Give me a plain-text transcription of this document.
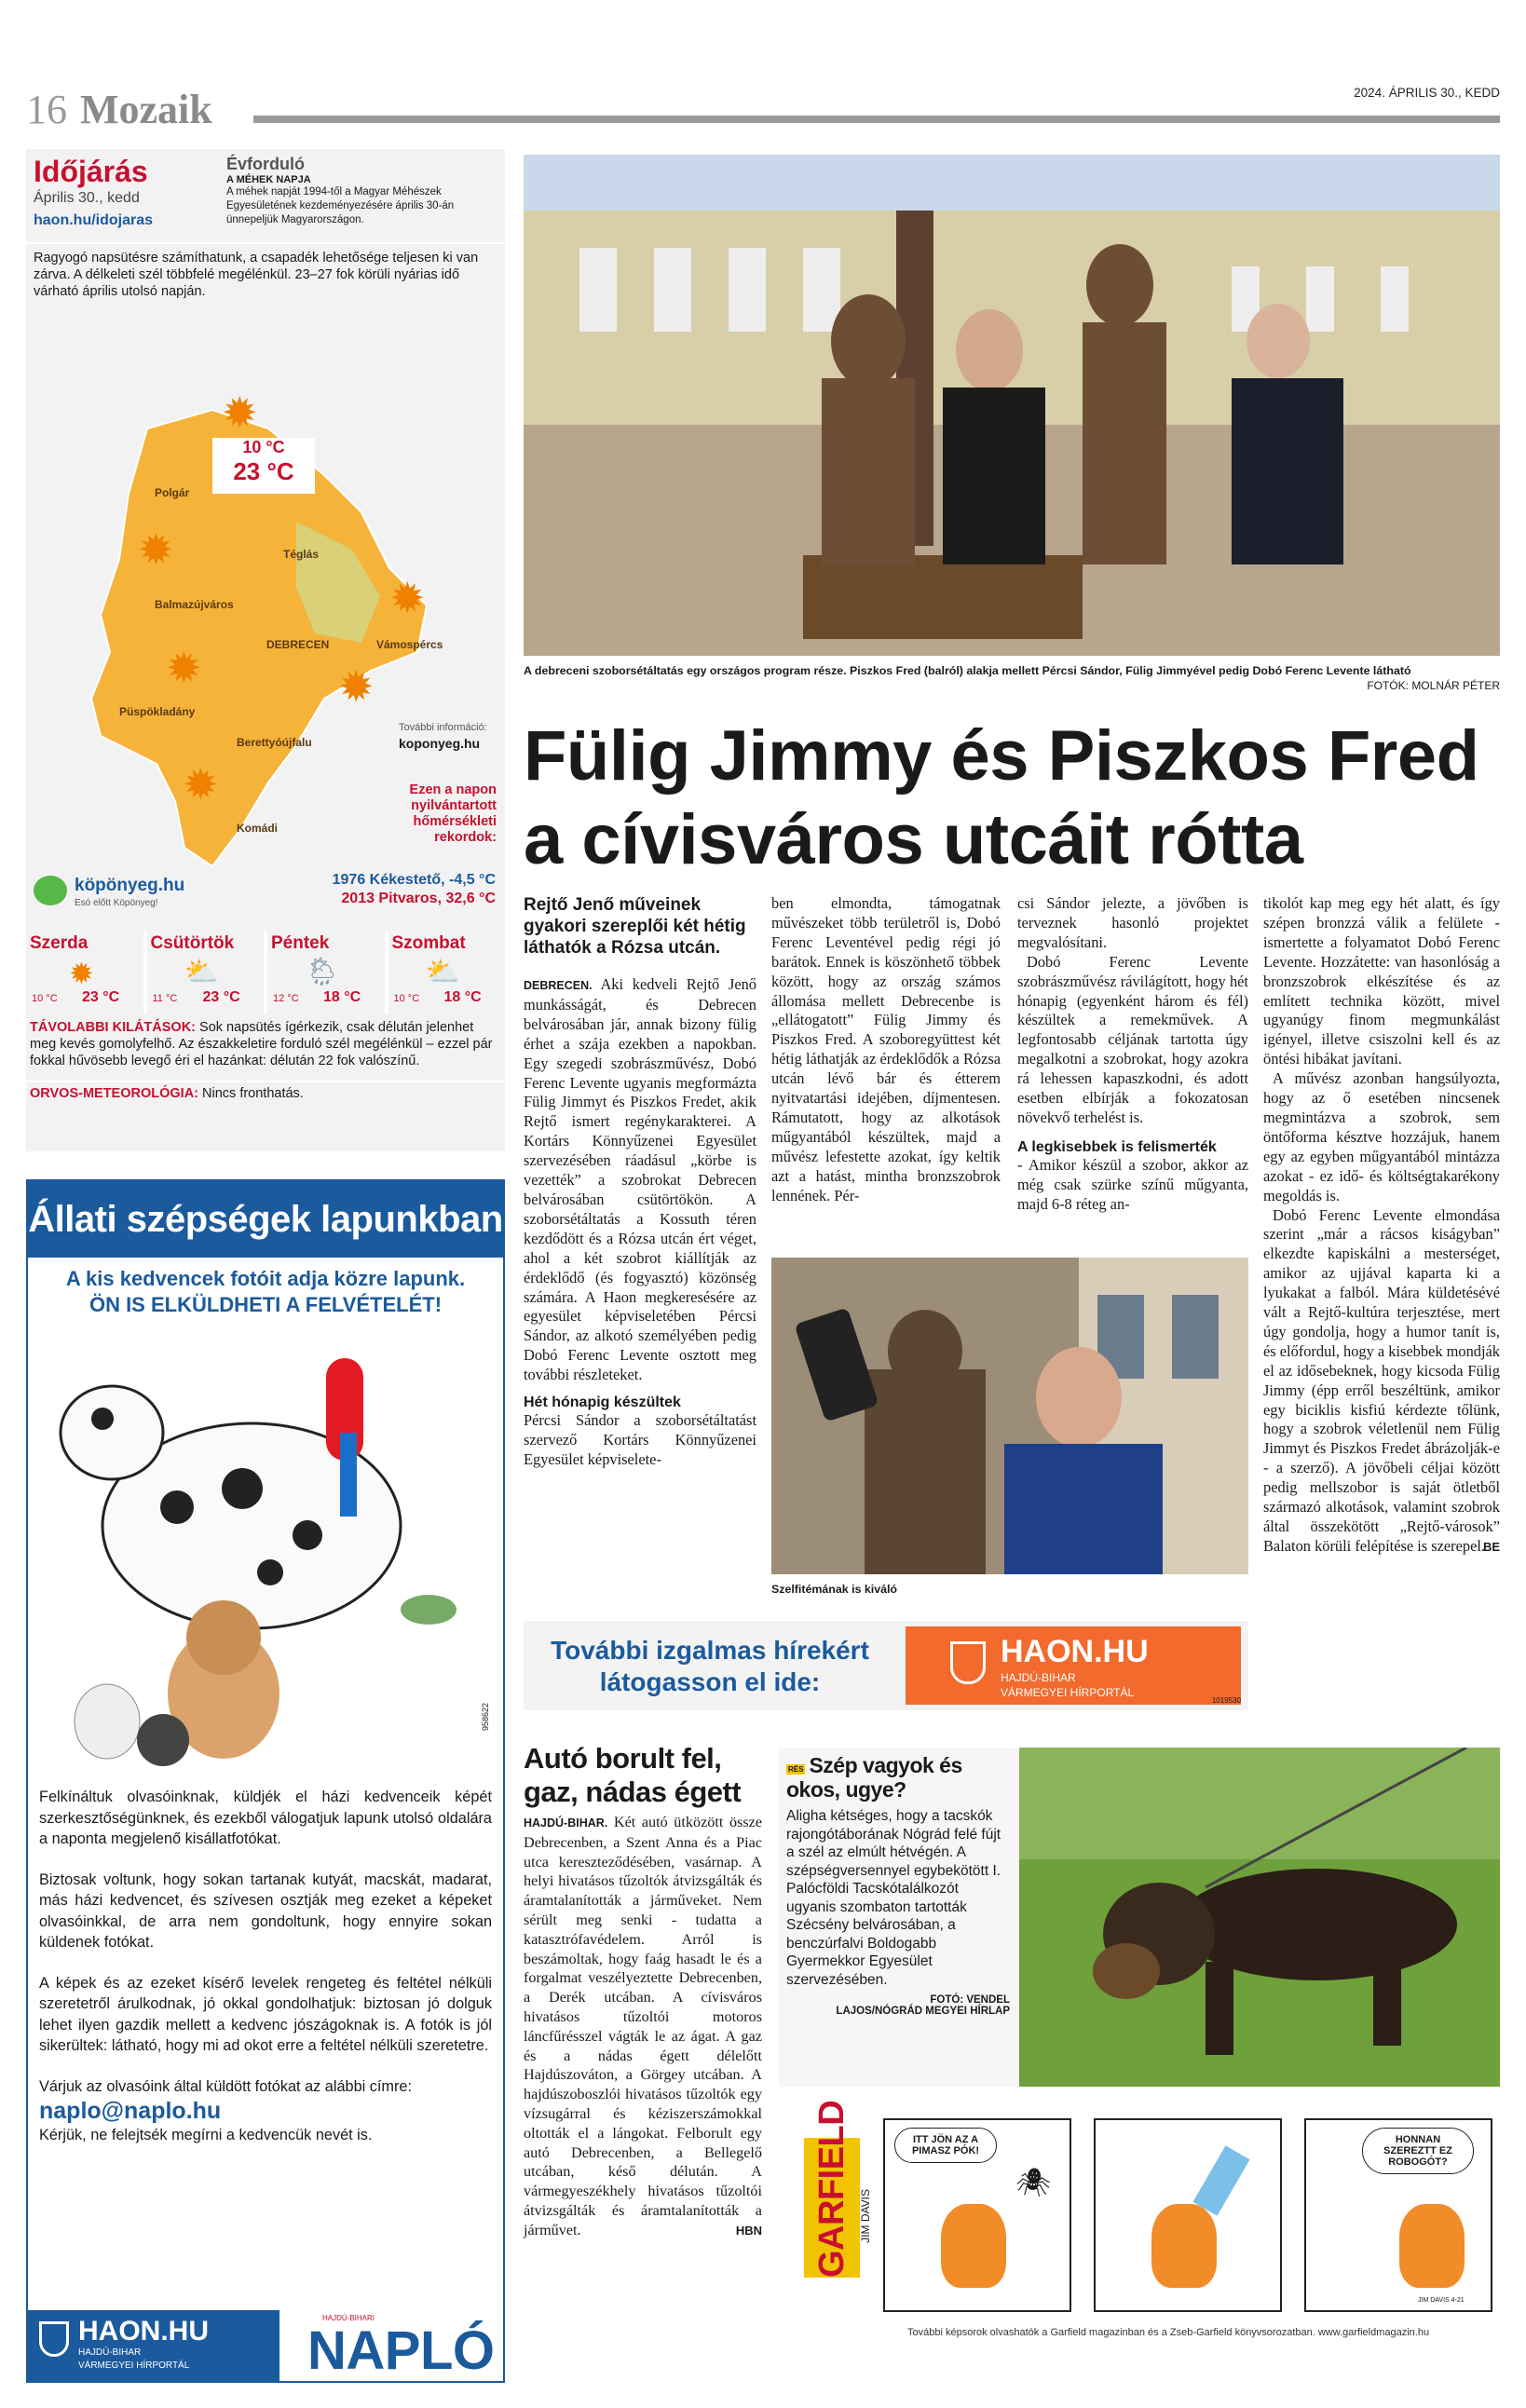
16 Mozaik	2024. ÁPRILIS 30., KEDD
Időjárás
Április 30., kedd
haon.hu/idojaras
Évforduló
A MÉHEK NAPJA
A méhek napját 1994-től a Magyar Méhészek Egyesületének kezdeményezésére április 30-án ünnepeljük Magyarországon.
Ragyogó napsütésre számíthatunk, a csapadék lehetősége teljesen ki van zárva. A délkeleti szél többfelé megélénkül. 23–27 fok körüli nyárias idő várható április utolsó napján.
10 °C
23 °C
Polgár
Téglás
Balmazújváros
DEBRECEN	Vámospércs
Püspökladány
Berettyóújfalu
Komádi
✹
✹
✹
✹	✹
✹
További információ:
koponyeg.hu
Ezen a napon nyilvántartott hőmérsékleti rekordok:
1976 Kékestető, -4,5 °C
2013 Pitvaros, 32,6 °C
köpönyeg.hu
Esó előtt Köpönyeg!
Szerda
✹
10 °C 23 °C
Csütörtök
⛅
11 °C 23 °C
Péntek
🌦
12 °C 18 °C
Szombat
⛅
10 °C 18 °C
TÁVOLABBI KILÁTÁSOK: Sok napsütés ígérkezik, csak délután jelenhet meg kevés gomolyfelhő. Az északkeletire forduló szél megélénkül – ezzel pár fokkal hűvösebb levegő éri el hazánkat: délután 22 fok valószínű.
ORVOS-METEOROLÓGIA: Nincs fronthatás.
Állati szépségek lapunkban
A kis kedvencek fotóit adja közre lapunk.
ÖN IS ELKÜLDHETI A FELVÉTELÉT!
958622

Felkínáltuk olvasóinknak, küldjék el házi kedvenceik képét szerkesztőségünknek, és ezekből válogatjuk lapunk utolsó oldalára a naponta megjelenő kisállatfotókat.

Biztosak voltunk, hogy sokan tartanak kutyát, macskát, madarat, más házi kedvencet, és szívesen osztják meg ezeket a képeket olvasóinkkal, de arra nem gondoltunk, hogy ennyire sokan küldenek fotókat.

A képek és az ezeket kísérő levelek rengeteg és feltétel nélküli szeretetről árulkodnak, jó okkal gondolhatjuk: biztosan jó dolguk lehet ilyen gazdik mellett a kedvenc jószágoknak is. A fotók is jól sikerültek: látható, hogy mi ad okot erre a feltétel nélküli szeretetre.

Várjuk az olvasóink által küldött fotókat az alábbi címre:

naplo@naplo.hu

Kérjük, ne felejtsék megírni a kedvencük nevét is.

HAON.HU
HAJDÚ-BIHAR
VÁRMEGYEI HÍRPORTÁL
HAJDÚ-BIHARI
NAPLÓ
A debreceni szoborsétáltatás egy országos program része. Piszkos Fred (balról) alakja mellett Pércsi Sándor, Fülig Jimmyével pedig Dobó Ferenc Levente látható
FOTÓK: MOLNÁR PÉTER
Fülig Jimmy és Piszkos Fred
a cívisváros utcáit rótta
Rejtő Jenő műveinek gyakori szereplői két hétig láthatók a Rózsa utcán.

DEBRECEN. Aki kedveli Rejtő Jenő munkásságát, és Debrecen belvárosában jár, annak bizony fülig érhet a szája ezekben a napokban. Egy szegedi szobrászművész, Dobó Ferenc Levente ugyanis megformázta Fülig Jimmyt és Piszkos Fredet, akik Rejtő ismert regénykarakterei. A Kortárs Könnyűzenei Egyesület szervezésében ráadásul „körbe is vezették” a szobrokat Debrecen belvárosában csütörtökön. A szoborsétáltatás a Kossuth téren kezdődött és a Rózsa utcán ért véget, ahol a két szobrot kiállítják az érdeklődő (és fogyasztó) közönség számára. A Haon megkeresésére az egyesület képviseletében Pércsi Sándor, az alkotó személyében pedig Dobó Ferenc Levente osztott meg további részleteket.

Hét hónapig készültek

Pércsi Sándor a szoborsétáltatást szervező Kortárs Könnyűzenei Egyesület képviselete-

ben elmondta, támogatnak művészeket több területről is, Dobó Ferenc Leventével pedig régi jó barátok. Ennek is köszönhető többek között, hogy az ország számos állomása mellett Debrecenbe is „ellátogatott” Fülig Jimmy és Piszkos Fred. A szoboregyüttest két hétig láthatják az érdeklődők a Rózsa utcán lévő bár és étterem nyitvatartási idejében, díjmentesen. Rámutatott, hogy az alkotások műgyantából készültek, majd a művész lefestette azokat, így keltik azt a hatást, mintha bronzszobrok lennének. Pér-

csi Sándor jelezte, a jövőben is terveznek hasonló projektet megvalósítani.

Dobó Ferenc Levente szobrászművész rávilágított, hogy hét hónapig (egyenként három és fél) készültek a remekművek. A legfontosabb céljának tartotta úgy megalkotni a szobrokat, hogy azokra rá lehessen kapaszkodni, és adott esetben elbírják a fokozatosan növekvő terhelést is.

A legkisebbek is felismerték

- Amikor készül a szobor, akkor az még csak szürke színű műgyanta, majd 6-8 réteg an-

tikolót kap meg egy hét alatt, és így szépen bronzzá válik a felülete - ismertette a folyamatot Dobó Ferenc Levente. Hozzátette: van hasonlóság a bronzszobrok elkészítése és az említett technika között, mivel ugyanúgy finom megmunkálást igényel, illetve csiszolni kell és az öntési hibákat javítani.

A művész azonban hangsúlyozta, hogy az ő esetében nincsenek megmintázva a szobrok, sem öntőforma késztve hozzájuk, hanem egy az egyben műgyantából mintázza azokat - ez idő- és költségtakarékony megoldás is.

Dobó Ferenc Levente elmondása szerint „már a rácsos kiságyban” elkezdte kapiskálni a mesterséget, amikor az ujjával kaparta ki a lyukakat a falból. Mára küldetésévé vált a Rejtő-kultúra terjesztése, mert úgy gondolja, hogy a humor tanít is, és előfordul, hogy a kisebbek mondják el az idősebeknek, hogy kicsoda Fülig Jimmy (épp erről beszéltünk, amikor egy biciklis kisfiú kérdezte tőlünk, hogy a szobrok véletlenül nem Fülig Jimmyt és Piszkos Fredet ábrázolják-e - a szerző). A jövőbeli céljai között pedig mellszobor is saját ötletből származó alkotások, valamint szobrok által összekötött „Rejtő-városok” Balaton körüli felépítése is szerepel.

BE
Szelfitémának is kiváló
További izgalmas hírekért
látogasson el ide:
HAON.HU
HAJDÚ-BIHAR
VÁRMEGYEI HÍRPORTÁL
1019530
Autó borult fel, gaz, nádas égett

HAJDÚ-BIHAR. Két autó ütközött össze Debrecenben, a Szent Anna és a Piac utca kereszteződésében, vasárnap. A helyi hivatásos tűzoltók átvizsgálták és áramtalanították a járműveket. Nem sérült meg senki - tudatta a katasztrófavédelem. Arról is beszámoltak, hogy faág hasadt le és a forgalmat veszélyeztette Debrecenben, a Derék utcában. A cívisváros hivatásos tűzoltói motoros láncfűrésszel vágták le az ágat. A gaz és a nádas égett délelőtt Hajdúszováton, a Görgey utcában. A hajdúszoboszlói hivatásos tűzoltók egy vízsugárral és kéziszerszámokkal oltották el a lángokat. Felborult egy autó Debrecenben, a Bellegelő utcában, késő délután. A vármegyeszékhely hivatásos tűzoltói átvizsgálták és áramtalanították a járművet.	HBN
RÉS Szép vagyok és okos, ugye?

Aligha kétséges, hogy a tacskók rajongótáborának Nógrád felé fújt a szél az elmúlt hétvégén. A szépségversennyel egybekötött I. Palócföldi Tacskótalálkozót ugyanis szombaton tartották Szécsény belvárosában, a benczúrfalvi Boldogabb Gyermekkor Egyesület szervezésében.

FOTÓ: VENDEL
LAJOS/NÓGRÁD MEGYEI HÍRLAP
GARFIELD JIM DAVIS
ITT JÖN AZ A PIMASZ PÓK!
🕷
HONNAN SZEREZTT EZ ROBOGÓT?
JIM DAVIS 4-21
További képsorok olvashatók a Garfield magazinban és a Zseb-Garfield könyvsorozatban. www.garfieldmagazin.hu
